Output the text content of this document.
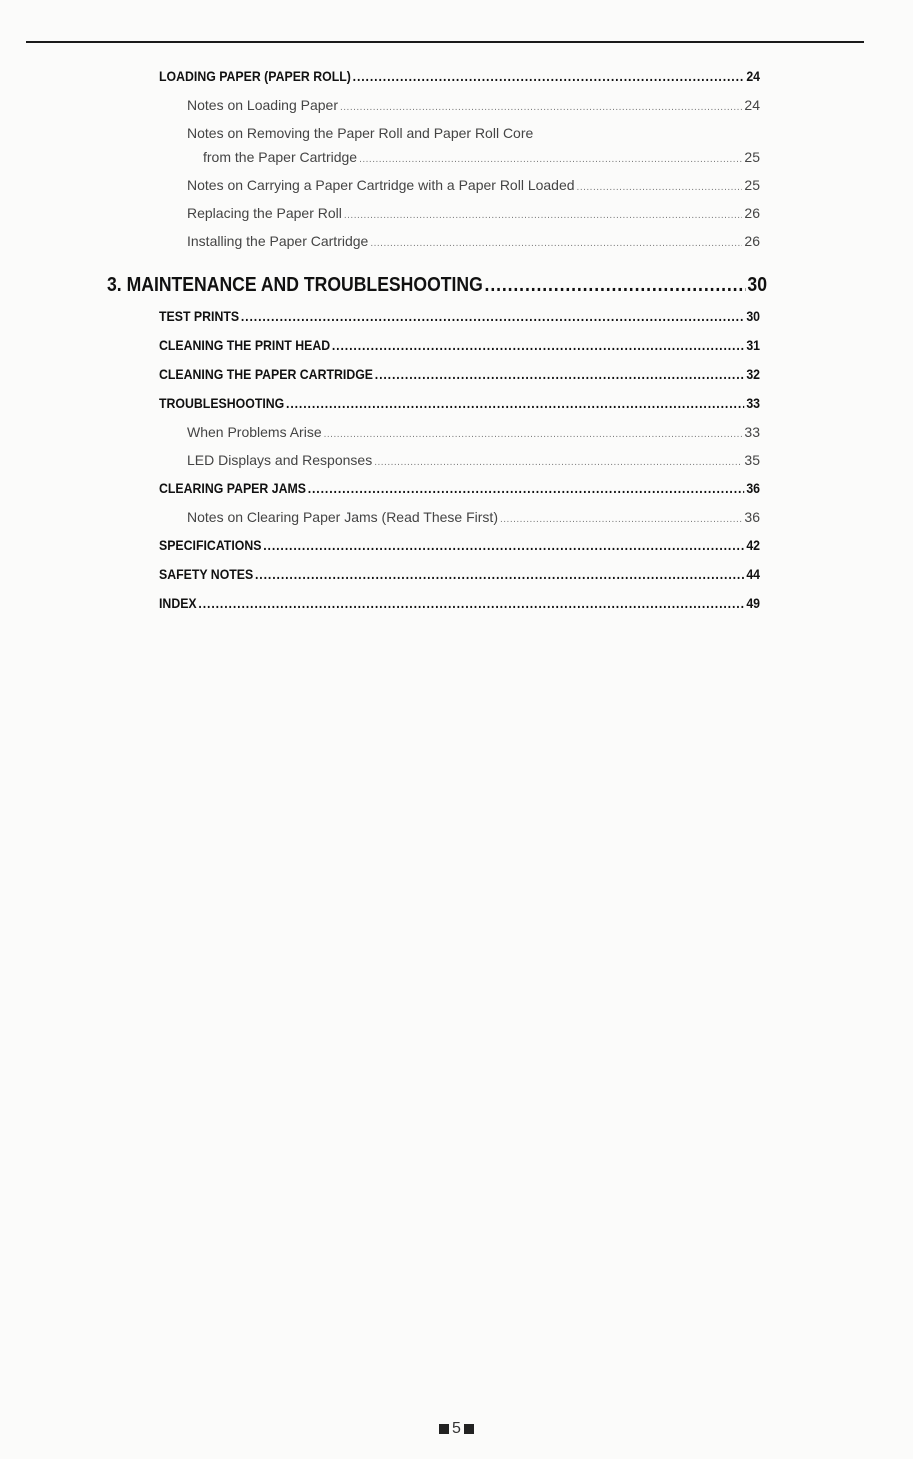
LOADING PAPER (PAPER ROLL) .....	24
Notes on Loading Paper .....	24
Notes on Removing the Paper Roll and Paper Roll Core
from the Paper Cartridge .....	25
Notes on Carrying a Paper Cartridge with a Paper Roll Loaded .....	25
Replacing the Paper Roll .....	26
Installing the Paper Cartridge .....	26
3. MAINTENANCE AND TROUBLESHOOTING .....	30
TEST PRINTS .....	30
CLEANING THE PRINT HEAD .....	31
CLEANING THE PAPER CARTRIDGE .....	32
TROUBLESHOOTING .....	33
When Problems Arise .....	33
LED Displays and Responses .....	35
CLEARING PAPER JAMS .....	36
Notes on Clearing Paper Jams (Read These First) .....	36
SPECIFICATIONS .....	42
SAFETY NOTES .....	44
INDEX .....	49
5
